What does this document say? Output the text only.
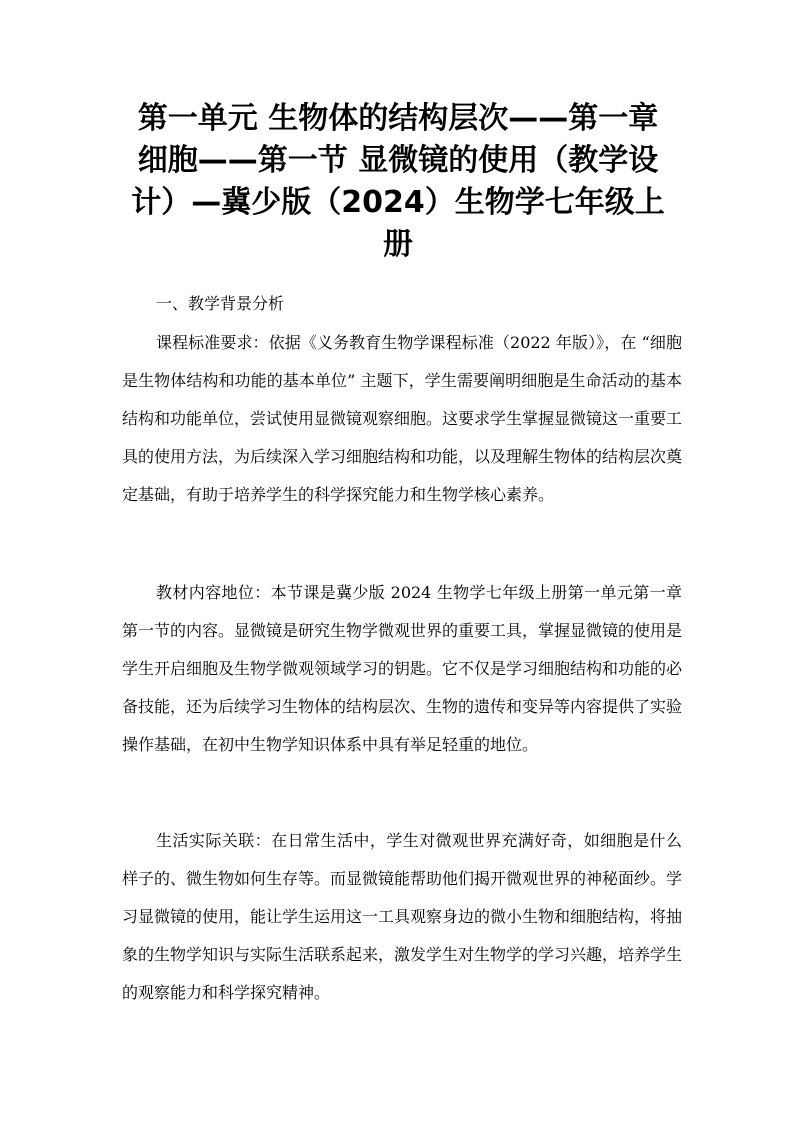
第一单元 生物体的结构层次——第一章 细胞——第一节 显微镜的使用（教学设计）—冀少版（2024）生物学七年级上册

一、教学背景分析

课程标准要求：依据《义务教育生物学课程标准（2022 年版）》，在 “细胞是生物体结构和功能的基本单位” 主题下，学生需要阐明细胞是生命活动的基本结构和功能单位，尝试使用显微镜观察细胞。这要求学生掌握显微镜这一重要工具的使用方法，为后续深入学习细胞结构和功能，以及理解生物体的结构层次奠定基础，有助于培养学生的科学探究能力和生物学核心素养。

教材内容地位：本节课是冀少版 2024 生物学七年级上册第一单元第一章第一节的内容。显微镜是研究生物学微观世界的重要工具，掌握显微镜的使用是学生开启细胞及生物学微观领域学习的钥匙。它不仅是学习细胞结构和功能的必备技能，还为后续学习生物体的结构层次、生物的遗传和变异等内容提供了实验操作基础，在初中生物学知识体系中具有举足轻重的地位。

生活实际关联：在日常生活中，学生对微观世界充满好奇，如细胞是什么样子的、微生物如何生存等。而显微镜能帮助他们揭开微观世界的神秘面纱。学习显微镜的使用，能让学生运用这一工具观察身边的微小生物和细胞结构，将抽象的生物学知识与实际生活联系起来，激发学生对生物学的学习兴趣，培养学生的观察能力和科学探究精神。
